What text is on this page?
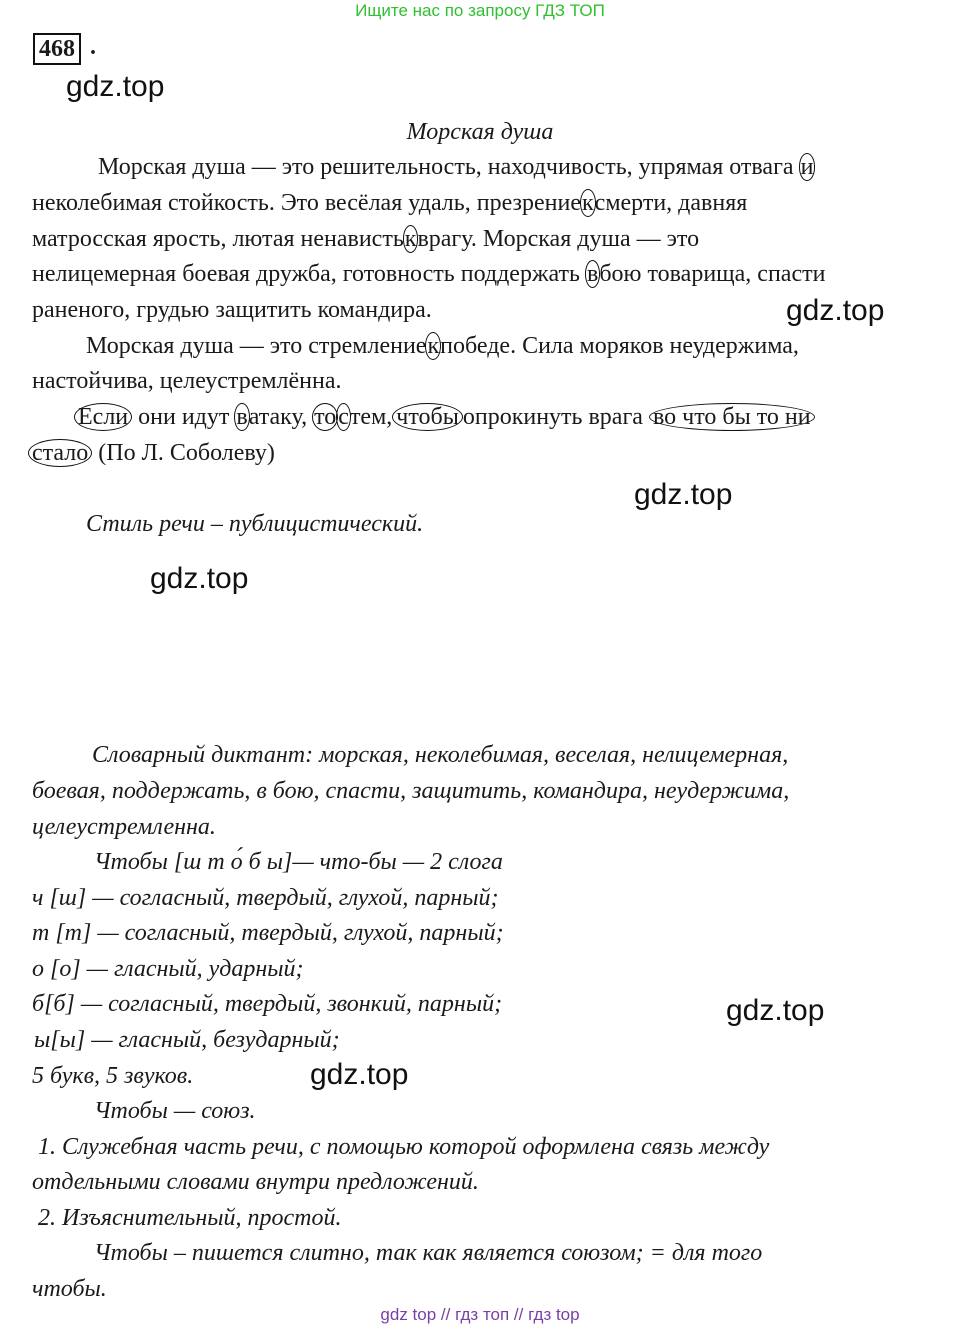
Ищите нас по запросу ГДЗ ТОП
468 .
gdz.top
gdz.top
gdz.top
gdz.top
gdz.top
gdz.top
Морская душа
Морская душа — это решительность, находчивость, упрямая отвага и
неколебимая стойкость. Это весёлая удаль, презрениексмерти, давняя
матросская ярость, лютая ненавистькврагу. Морская душа — это
нелицемерная боевая дружба, готовность поддержать вбою товарища, спасти
раненого, грудью защитить командира.
Морская душа — это стремлениекпобеде. Сила моряков неудержима,
настойчива, целеустремлённа.
Если они идут ватаку, тостем, чтобы опрокинуть врага во что бы то ни
стало (По Л. Соболеву)
Стиль речи – публицистический.
Словарный диктант: морская, неколебимая, веселая, нелицемерная,
боевая, поддержать, в бою, спасти, защитить, командира, неудержима,
целеустремленна.
Чтобы [ш т о́ б ы]— что-бы — 2 слога
ч [ш] — согласный, твердый, глухой, парный;
т [т] — согласный, твердый, глухой, парный;
о [о] — гласный, ударный;
б[б] — согласный, твердый, звонкий, парный;
ы[ы] — гласный, безударный;
5 букв, 5 звуков.
Чтобы — союз.
1. Служебная часть речи, с помощью которой оформлена связь между
отдельными словами внутри предложений.
2. Изъяснительный, простой.
Чтобы – пишется слитно, так как является союзом; = для того
чтобы.
gdz top // гдз топ // гдз top
